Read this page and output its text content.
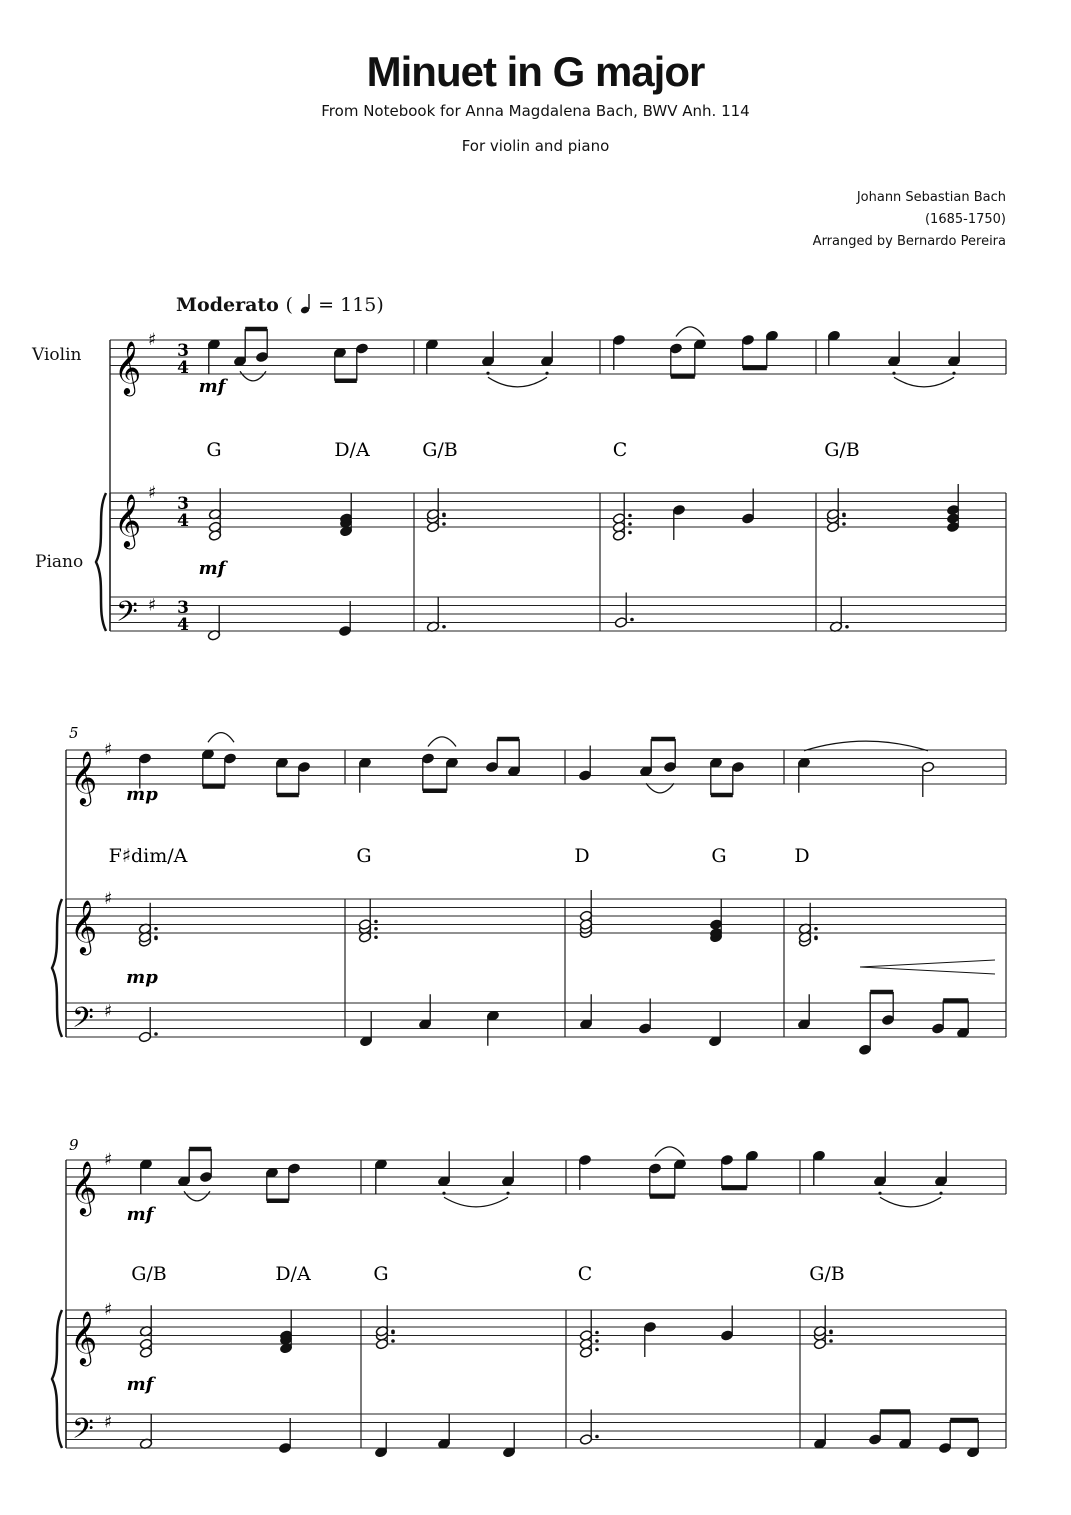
Minuet in G major
From Notebook for Anna Magdalena Bach, BWV Anh. 114
For violin and piano
Johann Sebastian Bach
(1685-1750)
Arranged by Bernardo Pereira
Moderato ( = 115)
Violin
Piano
𝄞
𝄞
𝄢
♯
♯
♯
3
4
3
4
3
4
𝄞
𝄞
𝄢
♯
♯
♯
𝄞
𝄞
𝄢
♯
♯
♯
G	D/A	G/B	C	G/B
mf
mf
F♯dim/A	G	D	G	D
5
mp
mp
G/B	D/A	G	C	G/B
9
mf
mf
